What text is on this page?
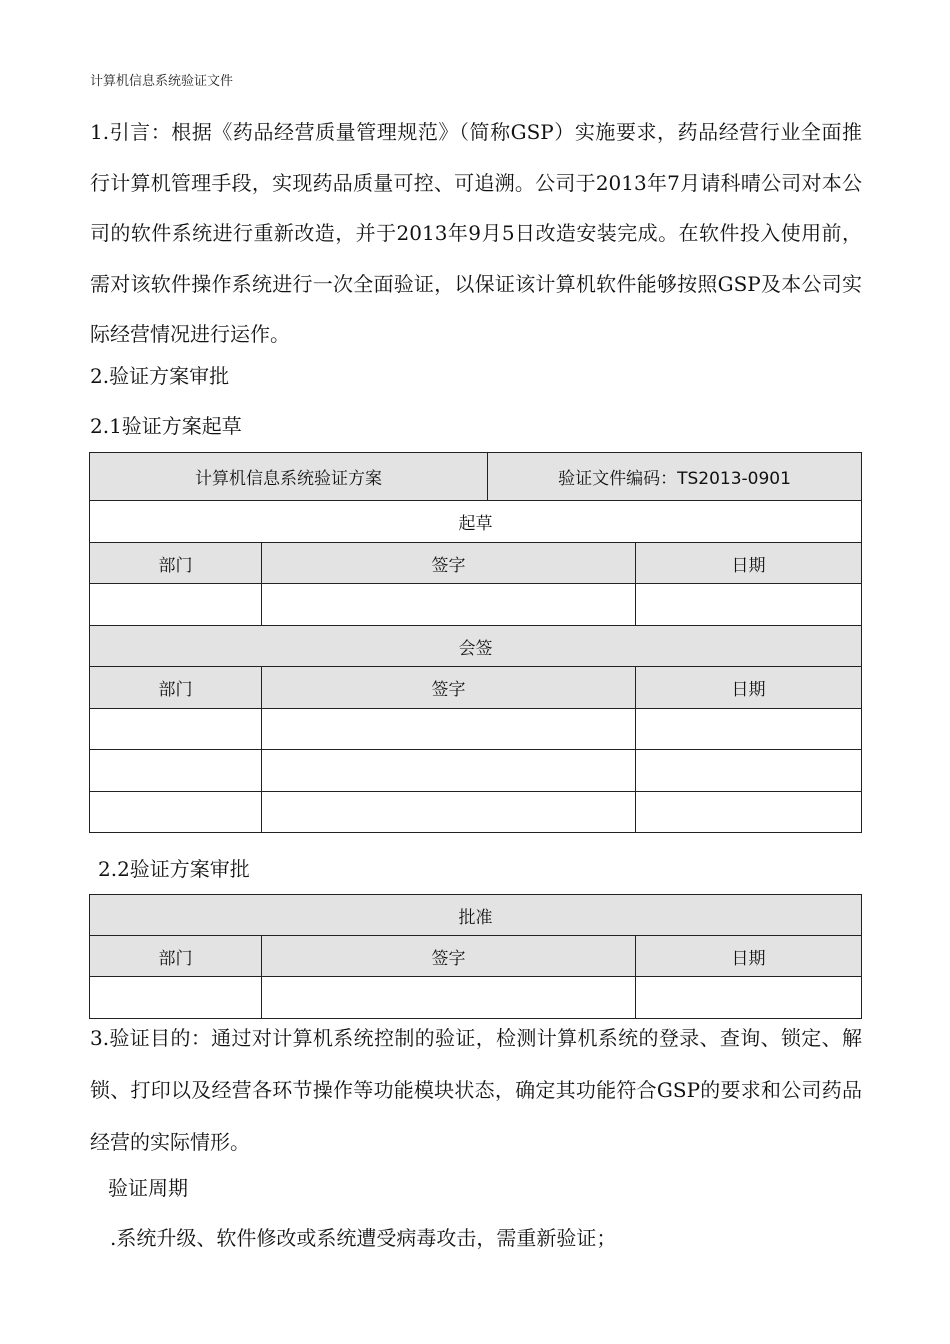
计算机信息系统验证文件
1.引言：根据《药品经营质量管理规范》（简称GSP）实施要求，药品经营行业全面推行计算机管理手段，实现药品质量可控、可追溯。公司于2013年7月请科晴公司对本公司的软件系统进行重新改造，并于2013年9月5日改造安装完成。在软件投入使用前，需对该软件操作系统进行一次全面验证，以保证该计算机软件能够按照GSP及本公司实际经营情况进行运作。
2.验证方案审批
2.1验证方案起草
计算机信息系统验证方案		验证文件编码：TS2013-0901	
起草			
部门	签字		日期

会签			
部门	签字		日期

2.2验证方案审批
批准		
部门	签字	日期

3.验证目的：通过对计算机系统控制的验证，检测计算机系统的登录、查询、锁定、解锁、打印以及经营各环节操作等功能模块状态，确定其功能符合GSP的要求和公司药品经营的实际情形。
验证周期
.系统升级、软件修改或系统遭受病毒攻击，需重新验证；
